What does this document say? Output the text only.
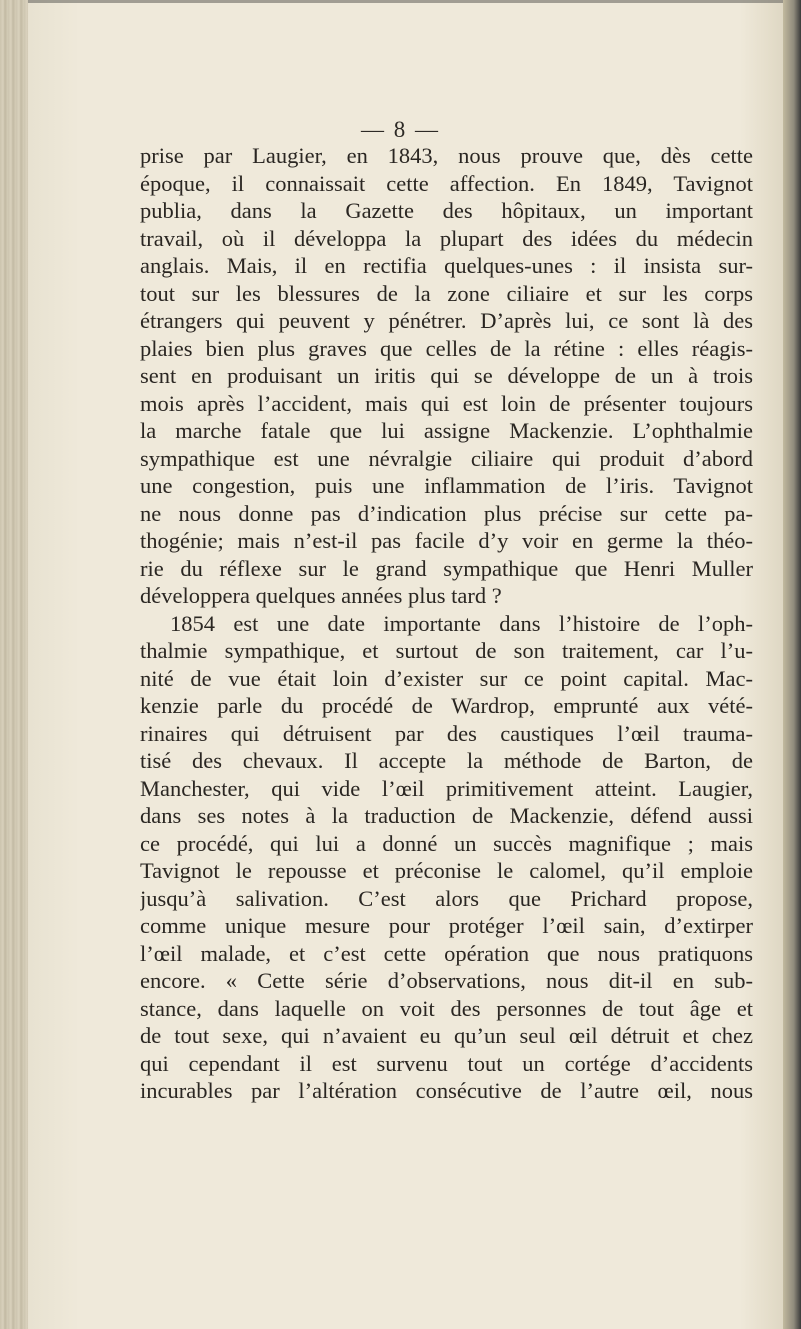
— 8 —
prise par Laugier, en 1843, nous prouve que, dès cette
époque, il connaissait cette affection. En 1849, Tavignot
publia, dans la Gazette des hôpitaux, un important
travail, où il développa la plupart des idées du médecin
anglais. Mais, il en rectifia quelques-unes : il insista sur-
tout sur les blessures de la zone ciliaire et sur les corps
étrangers qui peuvent y pénétrer. D’après lui, ce sont là des
plaies bien plus graves que celles de la rétine : elles réagis-
sent en produisant un iritis qui se développe de un à trois
mois après l’accident, mais qui est loin de présenter toujours
la marche fatale que lui assigne Mackenzie. L’ophthalmie
sympathique est une névralgie ciliaire qui produit d’abord
une congestion, puis une inflammation de l’iris. Tavignot
ne nous donne pas d’indication plus précise sur cette pa-
thogénie; mais n’est-il pas facile d’y voir en germe la théo-
rie du réflexe sur le grand sympathique que Henri Muller
développera quelques années plus tard ?
1854 est une date importante dans l’histoire de l’oph-
thalmie sympathique, et surtout de son traitement, car l’u-
nité de vue était loin d’exister sur ce point capital. Mac-
kenzie parle du procédé de Wardrop, emprunté aux vété-
rinaires qui détruisent par des caustiques l’œil trauma-
tisé des chevaux. Il accepte la méthode de Barton, de
Manchester, qui vide l’œil primitivement atteint. Laugier,
dans ses notes à la traduction de Mackenzie, défend aussi
ce procédé, qui lui a donné un succès magnifique ; mais
Tavignot le repousse et préconise le calomel, qu’il emploie
jusqu’à salivation. C’est alors que Prichard propose,
comme unique mesure pour protéger l’œil sain, d’extirper
l’œil malade, et c’est cette opération que nous pratiquons
encore. « Cette série d’observations, nous dit-il en sub-
stance, dans laquelle on voit des personnes de tout âge et
de tout sexe, qui n’avaient eu qu’un seul œil détruit et chez
qui cependant il est survenu tout un cortége d’accidents
incurables par l’altération consécutive de l’autre œil, nous
